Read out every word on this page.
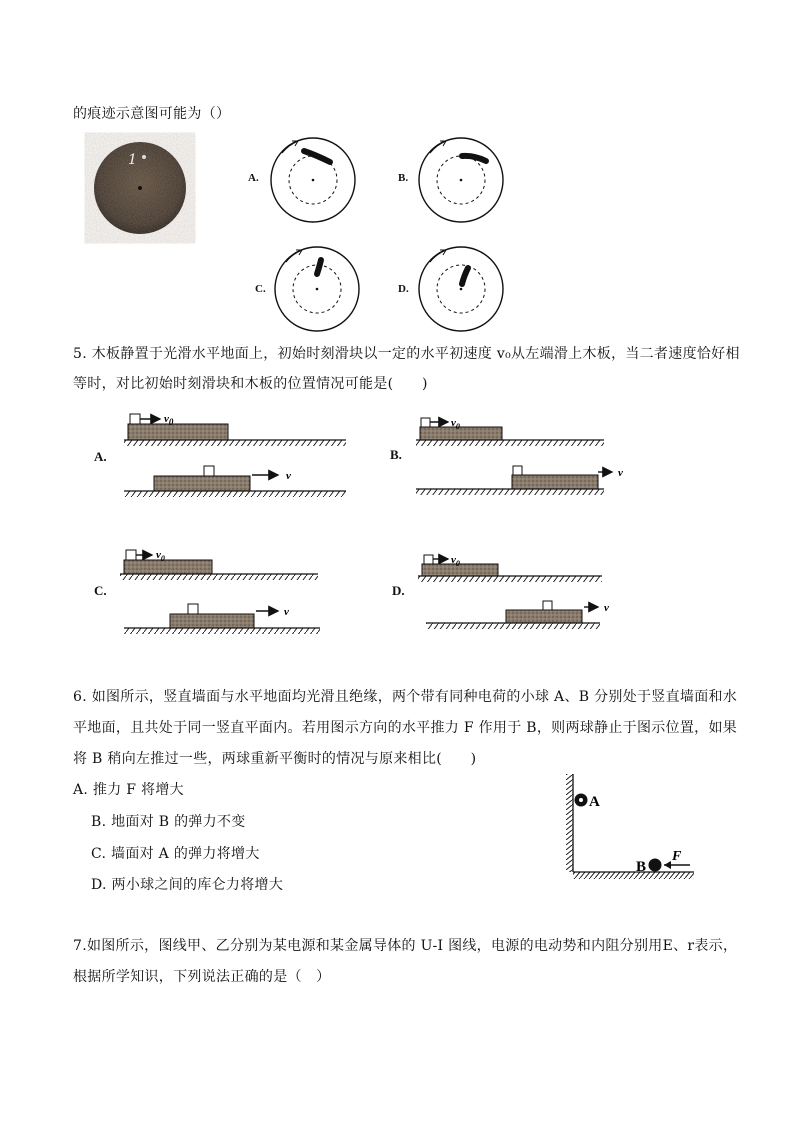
的痕迹示意图可能为（）
1
A.	B.
C.	D.
5. 木板静置于光滑水平地面上，初始时刻滑块以一定的水平初速度 v₀从左端滑上木板，当二者速度恰好相
等时，对比初始时刻滑块和木板的位置情况可能是(　　)
$v_0$
v
$v_0$
v
$v_0$
v
$v_0$
v
A.	B.
C.	D.
6. 如图所示，竖直墙面与水平地面均光滑且绝缘，两个带有同种电荷的小球 A、B 分别处于竖直墙面和水
平地面，且共处于同一竖直平面内。若用图示方向的水平推力 F 作用于 B，则两球静止于图示位置，如果
将 B 稍向左推过一些，两球重新平衡时的情况与原来相比(　　)
A. 推力 F 将增大
B. 地面对 B 的弹力不变
C. 墙面对 A 的弹力将增大
D. 两小球之间的库仑力将增大
A
B
F
7.如图所示，图线甲、乙分别为某电源和某金属导体的 U-I 图线，电源的电动势和内阻分别用E、r表示，
根据所学知识，下列说法正确的是（　）
